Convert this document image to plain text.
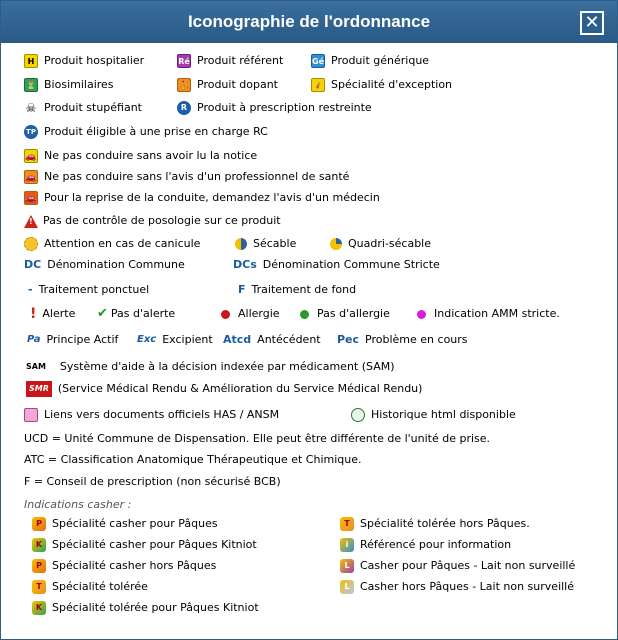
Iconographie de l'ordonnance	✕
H Produit hospitalier	Ré Produit référent	Gé Produit générique
⏳ Biosimilaires	⛹ Produit dopant	💰 Spécialité d'exception
☠ Produit stupéfiant	R Produit à prescription restreinte
TP Produit éligible à une prise en charge RC
🚗 Ne pas conduire sans avoir lu la notice
🚗 Ne pas conduire sans l'avis d'un professionnel de santé
🚗 Pour la reprise de la conduite, demandez l'avis d'un médecin
!Pas de contrôle de posologie sur ce produit
Attention en cas de canicule	Sécable	Quadri-sécable
DC Dénomination Commune	DCs Dénomination Commune Stricte
- Traitement ponctuel	F Traitement de fond
! Alerte ✔ Pas d'alerte	Allergie	Pas d'allergie	Indication AMM stricte.
Pa Principe Actif Exc Excipient Atcd Antécédent Pec Problème en cours
SAM Système d'aide à la décision indexée par médicament (SAM)
SMR (Service Médical Rendu & Amélioration du Service Médical Rendu)
Liens vers documents officiels HAS / ANSM	Historique html disponible
UCD = Unité Commune de Dispensation. Elle peut être différente de l'unité de prise.
ATC = Classification Anatomique Thérapeutique et Chimique.
F = Conseil de prescription (non sécurisé BCB)
Indications casher :
P Spécialité casher pour Pâques
K Spécialité casher pour Pâques Kitniot
P Spécialité casher hors Pâques
T Spécialité tolérée
K Spécialité tolérée pour Pâques Kitniot
T Spécialité tolérée hors Pâques.
i Référencé pour information
L Casher pour Pâques - Lait non surveillé
L Casher hors Pâques - Lait non surveillé
